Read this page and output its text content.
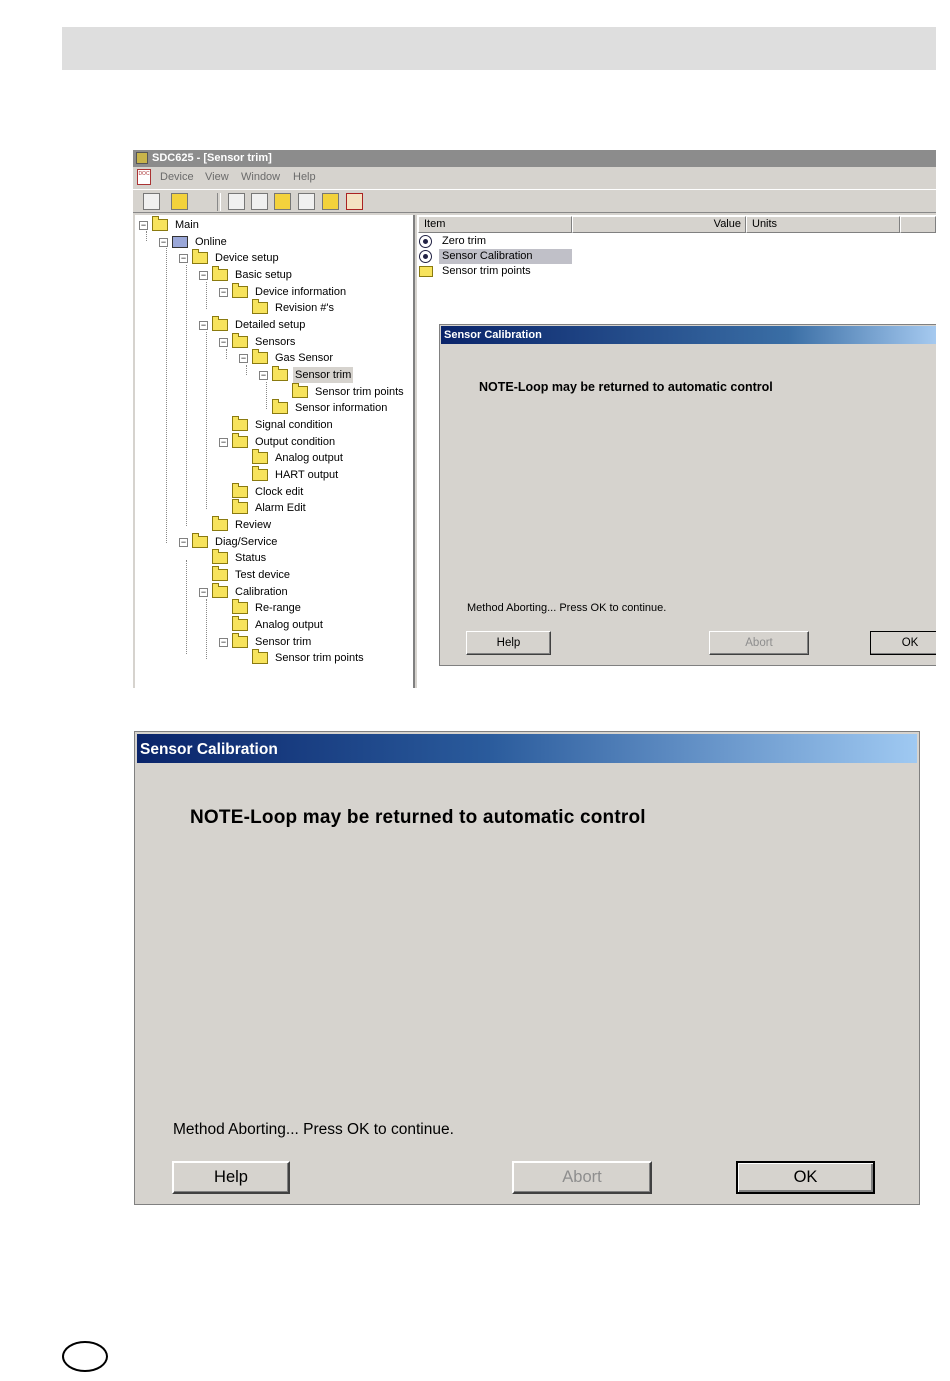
SDC625 - [Sensor trim]
DOC Device View Window Help
−	Main
−	Online
−	Device setup
−	Basic setup
−	Device information
Revision #'s
−	Detailed setup
−	Sensors
−	Gas Sensor
−	Sensor trim
Sensor trim points
Sensor information
Signal condition
−	Output condition
Analog output
HART output
Clock edit
Alarm Edit
Review
−	Diag/Service
Status
Test device
−	Calibration
Re-range
Analog output
−	Sensor trim
Sensor trim points
Item	Value	Units
Zero trim
Sensor Calibration
Sensor trim points
Sensor Calibration
NOTE-Loop may be returned to automatic control
Method Aborting... Press OK to continue.
Help	Abort	OK
Sensor Calibration
NOTE-Loop may be returned to automatic control
Method Aborting... Press OK to continue.
Help	Abort	OK
